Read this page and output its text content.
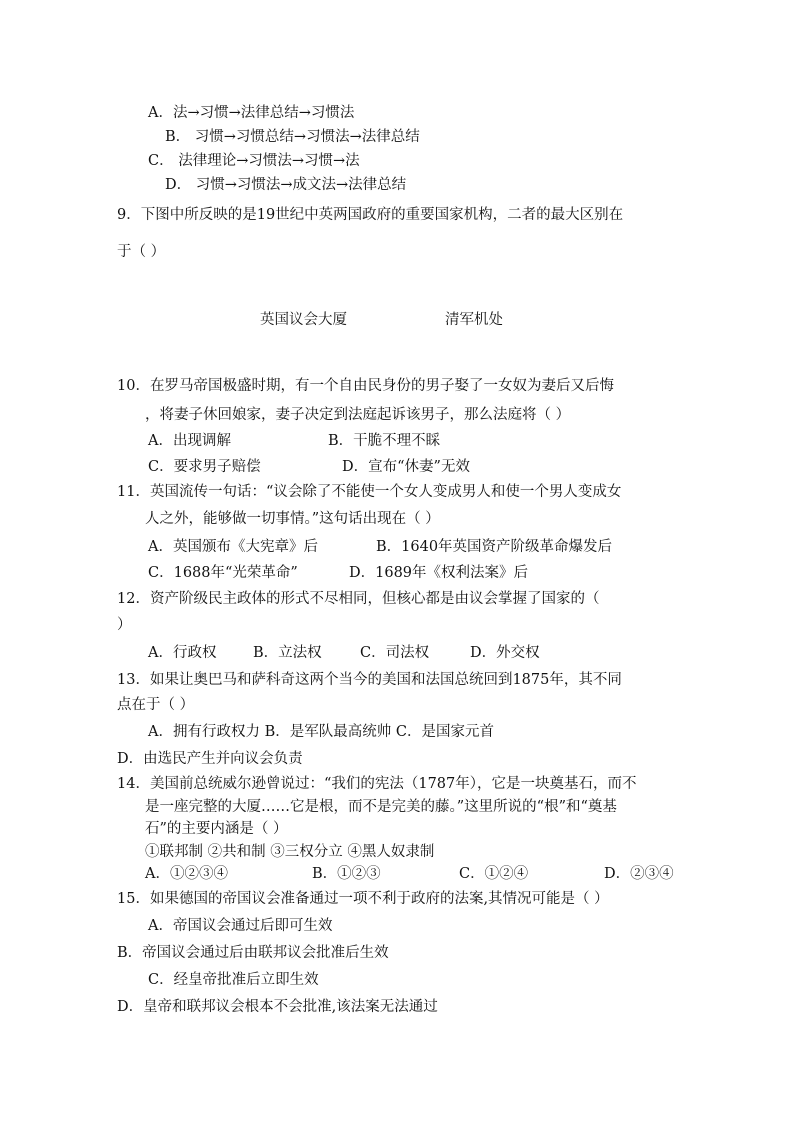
A．法→习惯→法律总结→习惯法
B． 习惯→习惯总结→习惯法→法律总结
C． 法律理论→习惯法→习惯→法
D． 习惯→习惯法→成文法→法律总结
9．下图中所反映的是19世纪中英两国政府的重要国家机构，二者的最大区别在
于（ ）
英国议会大厦	清军机处
10．在罗马帝国极盛时期，有一个自由民身份的男子娶了一女奴为妻后又后悔
，将妻子休回娘家，妻子决定到法庭起诉该男子，那么法庭将（ ）
A．出现调解	B．干脆不理不睬
C．要求男子赔偿	D．宣布“休妻”无效
11．英国流传一句话：“议会除了不能使一个女人变成男人和使一个男人变成女
人之外，能够做一切事情。”这句话出现在（ ）
A．英国颁布《大宪章》后	B．1640年英国资产阶级革命爆发后
C．1688年“光荣革命”	D．1689年《权利法案》后
12．资产阶级民主政体的形式不尽相同，但核心都是由议会掌握了国家的（
）
A．行政权	B．立法权	C．司法权	D．外交权
13．如果让奥巴马和萨科奇这两个当今的美国和法国总统回到1875年，其不同
点在于（ ）
A．拥有行政权力 B．是军队最高统帅 C．是国家元首
D．由选民产生并向议会负责
14．美国前总统威尔逊曾说过：“我们的宪法（1787年），它是一块奠基石，而不
是一座完整的大厦……它是根，而不是完美的藤。”这里所说的“根”和“奠基
石”的主要内涵是（ ）
①联邦制 ②共和制 ③三权分立 ④黑人奴隶制
A．①②③④	B．①②③	C．①②④	D．②③④
15．如果德国的帝国议会准备通过一项不利于政府的法案,其情况可能是（ ）
A．帝国议会通过后即可生效
B．帝国议会通过后由联邦议会批准后生效
C．经皇帝批准后立即生效
D．皇帝和联邦议会根本不会批准,该法案无法通过
